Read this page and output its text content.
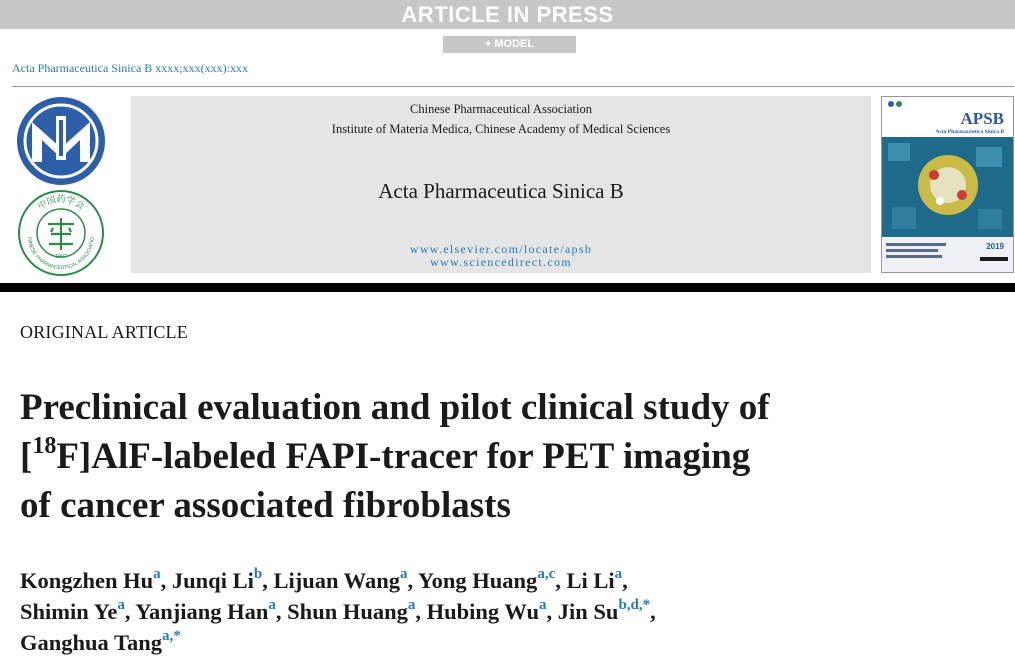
ARTICLE IN PRESS
+ MODEL
Acta Pharmaceutica Sinica B xxxx;xxx(xxx):xxx
中国药学会
HINESE PHARMACEUTICAL ASSOCIATIO
1907
Chinese Pharmaceutical Association
Institute of Materia Medica, Chinese Academy of Medical Sciences
Acta Pharmaceutica Sinica B
www.elsevier.com/locate/apsb
www.sciencedirect.com
APSB
Acta Pharmaceutica Sinica B
2019
ORIGINAL ARTICLE
Preclinical evaluation and pilot clinical study of
[$^{18}$F]AlF-labeled FAPI-tracer for PET imaging
of cancer associated fibroblasts
Kongzhen Hu$^a$, Junqi Li$^b$, Lijuan Wang$^a$, Yong Huang$^{a,c}$, Li Li$^a$,
Shimin Ye$^a$, Yanjiang Han$^a$, Shun Huang$^a$, Hubing Wu$^a$, Jin $Su^{b,d,*}$,
Ganghua Tang$^{a,*}$
